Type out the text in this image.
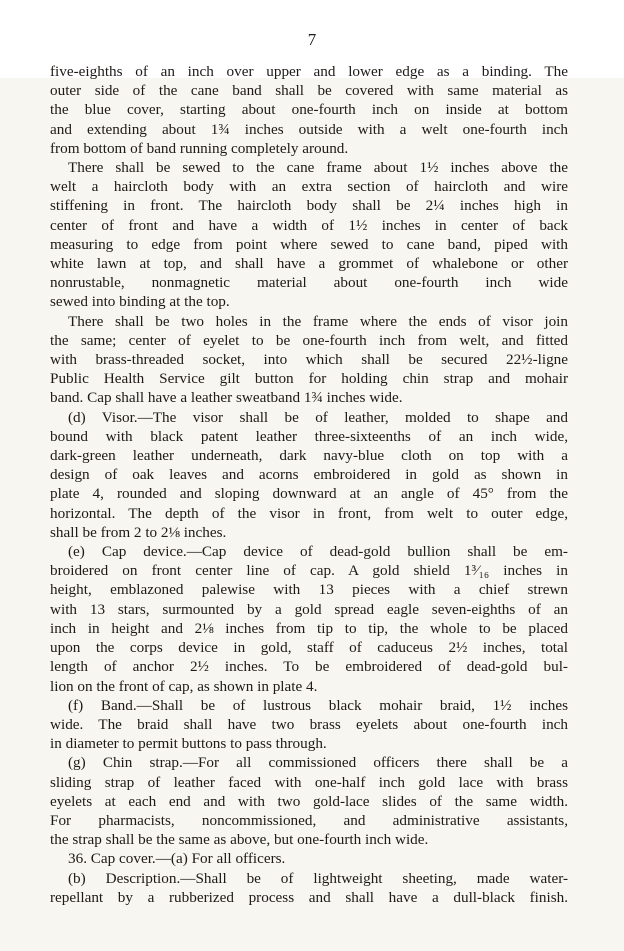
7
five-eighths of an inch over upper and lower edge as a binding. The
outer side of the cane band shall be covered with same material as
the blue cover, starting about one-fourth inch on inside at bottom
and extending about 1¾ inches outside with a welt one-fourth inch
from bottom of band running completely around.
There shall be sewed to the cane frame about 1½ inches above the
welt a haircloth body with an extra section of haircloth and wire
stiffening in front. The haircloth body shall be 2¼ inches high in
center of front and have a width of 1½ inches in center of back
measuring to edge from point where sewed to cane band, piped with
white lawn at top, and shall have a grommet of whalebone or other
nonrustable, nonmagnetic material about one-fourth inch wide
sewed into binding at the top.
There shall be two holes in the frame where the ends of visor join
the same; center of eyelet to be one-fourth inch from welt, and fitted
with brass-threaded socket, into which shall be secured 22½-ligne
Public Health Service gilt button for holding chin strap and mohair
band. Cap shall have a leather sweatband 1¾ inches wide.
(d) Visor.—The visor shall be of leather, molded to shape and
bound with black patent leather three-sixteenths of an inch wide,
dark-green leather underneath, dark navy-blue cloth on top with a
design of oak leaves and acorns embroidered in gold as shown in
plate 4, rounded and sloping downward at an angle of 45° from the
horizontal. The depth of the visor in front, from welt to outer edge,
shall be from 2 to 2⅛ inches.
(e) Cap device.—Cap device of dead-gold bullion shall be em-
broidered on front center line of cap. A gold shield 1³⁄₁₆ inches in
height, emblazoned palewise with 13 pieces with a chief strewn
with 13 stars, surmounted by a gold spread eagle seven-eighths of an
inch in height and 2⅛ inches from tip to tip, the whole to be placed
upon the corps device in gold, staff of caduceus 2½ inches, total
length of anchor 2½ inches. To be embroidered of dead-gold bul-
lion on the front of cap, as shown in plate 4.
(f) Band.—Shall be of lustrous black mohair braid, 1½ inches
wide. The braid shall have two brass eyelets about one-fourth inch
in diameter to permit buttons to pass through.
(g) Chin strap.—For all commissioned officers there shall be a
sliding strap of leather faced with one-half inch gold lace with brass
eyelets at each end and with two gold-lace slides of the same width.
For pharmacists, noncommissioned, and administrative assistants,
the strap shall be the same as above, but one-fourth inch wide.
36. Cap cover.—(a) For all officers.
(b) Description.—Shall be of lightweight sheeting, made water-
repellant by a rubberized process and shall have a dull-black finish.
